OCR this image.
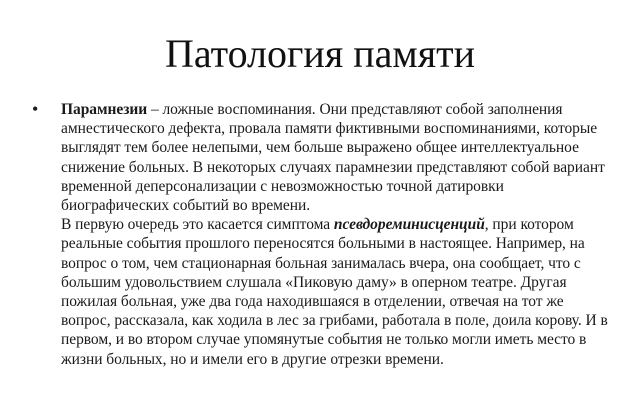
Патология памяти
• Парамнезии – ложные воспоминания. Они представляют собой заполнения амнестического дефекта, провала памяти фиктивными воспоминаниями, которые выглядят тем более нелепыми, чем больше выражено общее интеллектуальное снижение больных. В некоторых случаях парамнезии представляют собой вариант временной деперсонализации с невозможностью точной датировки биографических событий во времени.

В первую очередь это касается симптома псевдореминисценций, при котором реальные события прошлого переносятся больными в настоящее. Например, на вопрос о том, чем стационарная больная занималась вчера, она сообщает, что с большим удовольствием слушала «Пиковую даму» в оперном театре. Другая пожилая больная, уже два года находившаяся в отделении, отвечая на тот же вопрос, рассказала, как ходила в лес за грибами, работала в поле, доила корову. И в первом, и во втором случае упомянутые события не только могли иметь место в жизни больных, но и имели его в другие отрезки времени.
